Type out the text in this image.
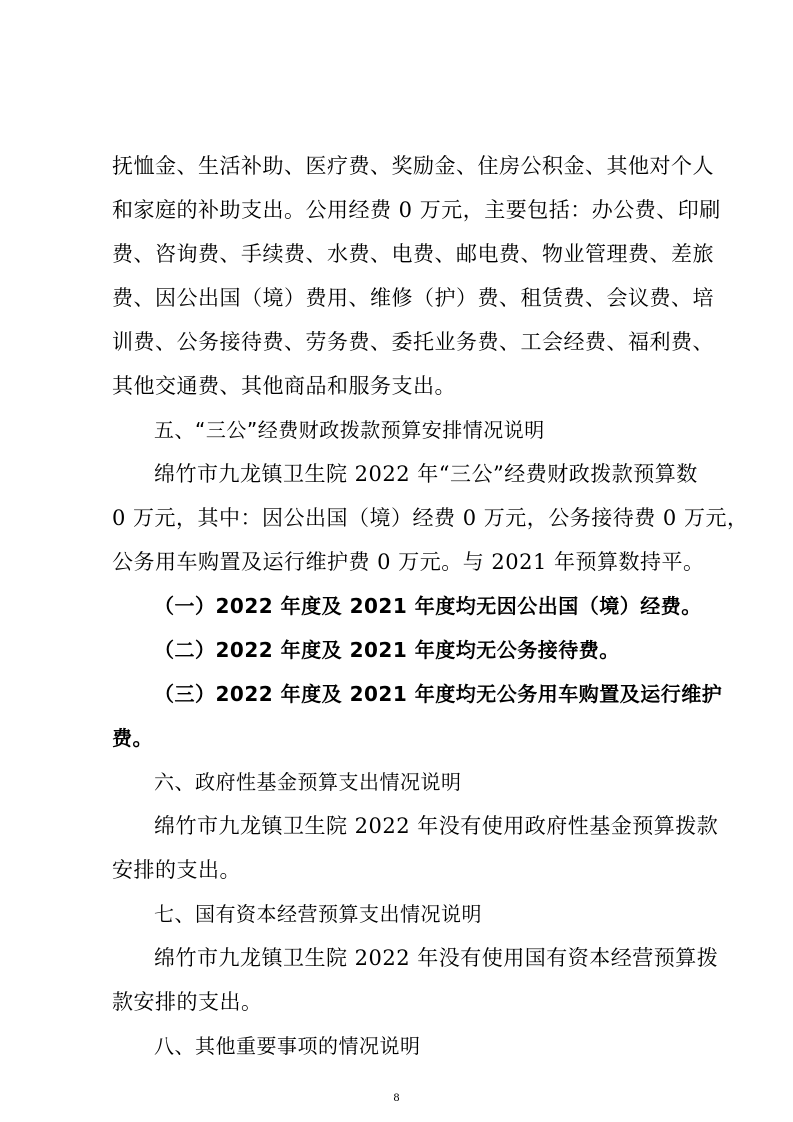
抚恤金、生活补助、医疗费、奖励金、住房公积金、其他对个人
和家庭的补助支出。公用经费 0 万元，主要包括：办公费、印刷
费、咨询费、手续费、水费、电费、邮电费、物业管理费、差旅
费、因公出国（境）费用、维修（护）费、租赁费、会议费、培
训费、公务接待费、劳务费、委托业务费、工会经费、福利费、
其他交通费、其他商品和服务支出。
五、“三公”经费财政拨款预算安排情况说明
绵竹市九龙镇卫生院 2022 年“三公”经费财政拨款预算数
0 万元，其中：因公出国（境）经费 0 万元，公务接待费 0 万元，
公务用车购置及运行维护费 0 万元。与 2021 年预算数持平。
（一）2022 年度及 2021 年度均无因公出国（境）经费。
（二）2022 年度及 2021 年度均无公务接待费。
（三）2022 年度及 2021 年度均无公务用车购置及运行维护
费。
六、政府性基金预算支出情况说明
绵竹市九龙镇卫生院 2022 年没有使用政府性基金预算拨款
安排的支出。
七、国有资本经营预算支出情况说明
绵竹市九龙镇卫生院 2022 年没有使用国有资本经营预算拨
款安排的支出。
八、其他重要事项的情况说明
8
